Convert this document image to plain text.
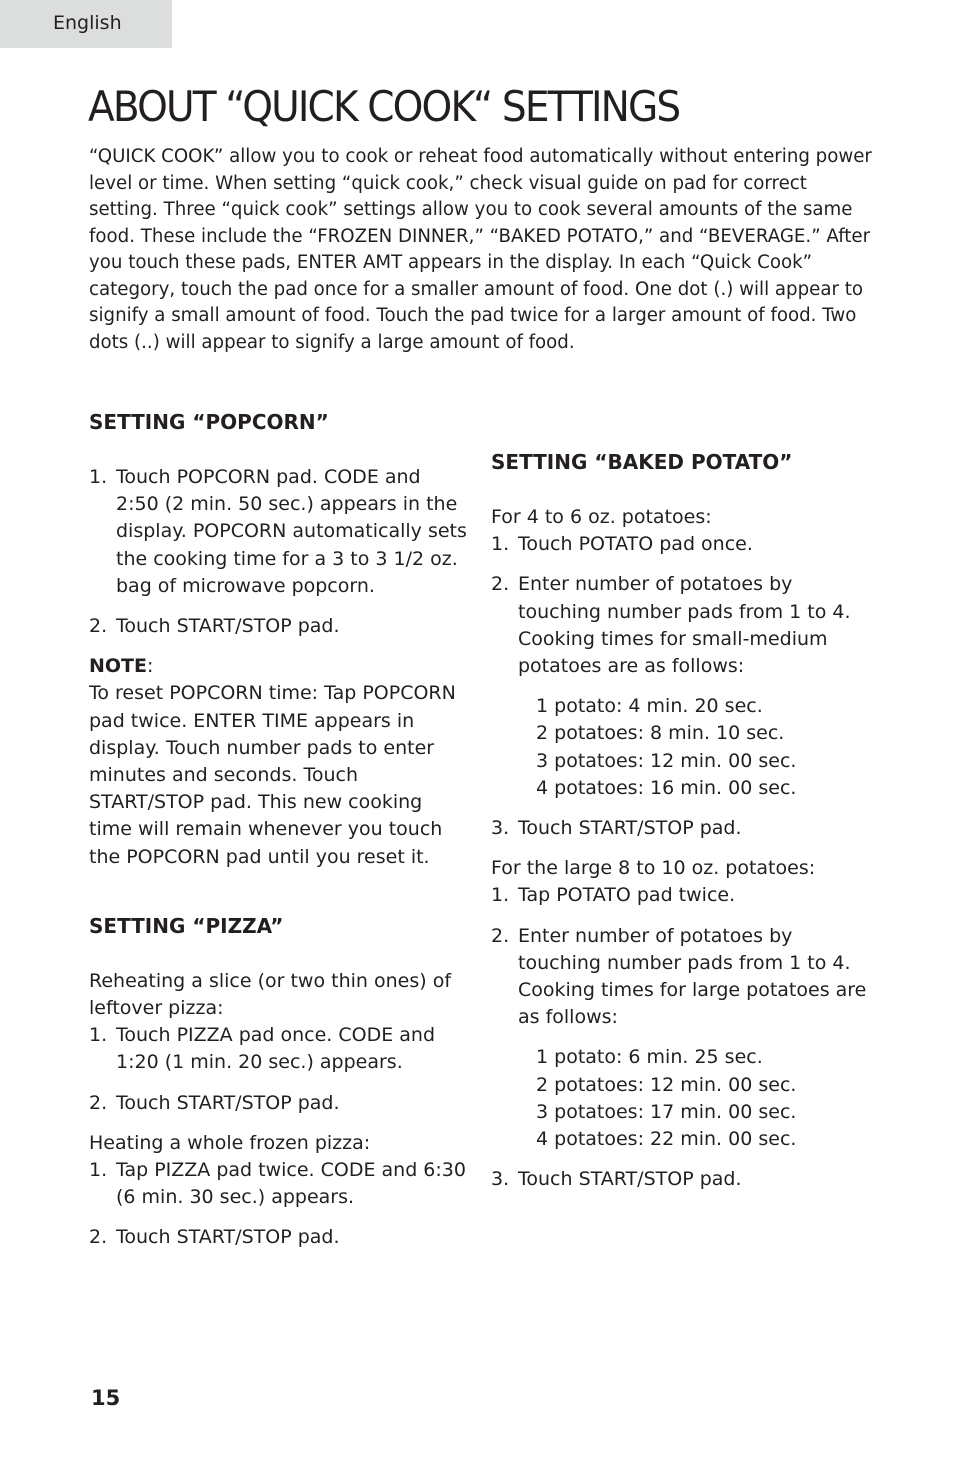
English
ABOUT “QUICK COOK“ SETTINGS

“QUICK COOK” allow you to cook or reheat food automatically without entering power level or time. When setting “quick cook,” check visual guide on pad for correct setting. Three “quick cook” settings allow you to cook several amounts of the same food. These include the “FROZEN DINNER,” “BAKED POTATO,” and “BEVERAGE.” After you touch these pads, ENTER AMT appears in the display. In each “Quick Cook” category, touch the pad once for a smaller amount of food. One dot (.) will appear to signify a small amount of food. Touch the pad twice for a larger amount of food. Two dots (..) will appear to signify a large amount of food.

SETTING “POPCORN”
1. Touch POPCORN pad. CODE and 2:50 (2 min. 50 sec.) appears in the display. POPCORN automatically sets the cooking time for a 3 to 3 1/2 oz. bag of microwave popcorn.
2. Touch START/STOP pad.

NOTE:

To reset POPCORN time: Tap POPCORN pad twice. ENTER TIME appears in display. Touch number pads to enter minutes and seconds. Touch START/STOP pad. This new cooking time will remain whenever you touch the POPCORN pad until you reset it.

SETTING “PIZZA”

Reheating a slice (or two thin ones) of leftover pizza:

1. Touch PIZZA pad once. CODE and 1:20 (1 min. 20 sec.) appears.
2. Touch START/STOP pad.

Heating a whole frozen pizza:

1. Tap PIZZA pad twice. CODE and 6:30 (6 min. 30 sec.) appears.
2. Touch START/STOP pad.
SETTING “BAKED POTATO”

For 4 to 6 oz. potatoes:

1. Touch POTATO pad once.
2. Enter number of potatoes by touching number pads from 1 to 4. Cooking times for small-medium potatoes are as follows:

1 potato: 4 min. 20 sec.

2 potatoes: 8 min. 10 sec.

3 potatoes: 12 min. 00 sec.

4 potatoes: 16 min. 00 sec.

3. Touch START/STOP pad.

For the large 8 to 10 oz. potatoes:

1. Tap POTATO pad twice.
2. Enter number of potatoes by touching number pads from 1 to 4. Cooking times for large potatoes are as follows:

1 potato: 6 min. 25 sec.

2 potatoes: 12 min. 00 sec.

3 potatoes: 17 min. 00 sec.

4 potatoes: 22 min. 00 sec.

3. Touch START/STOP pad.
15
